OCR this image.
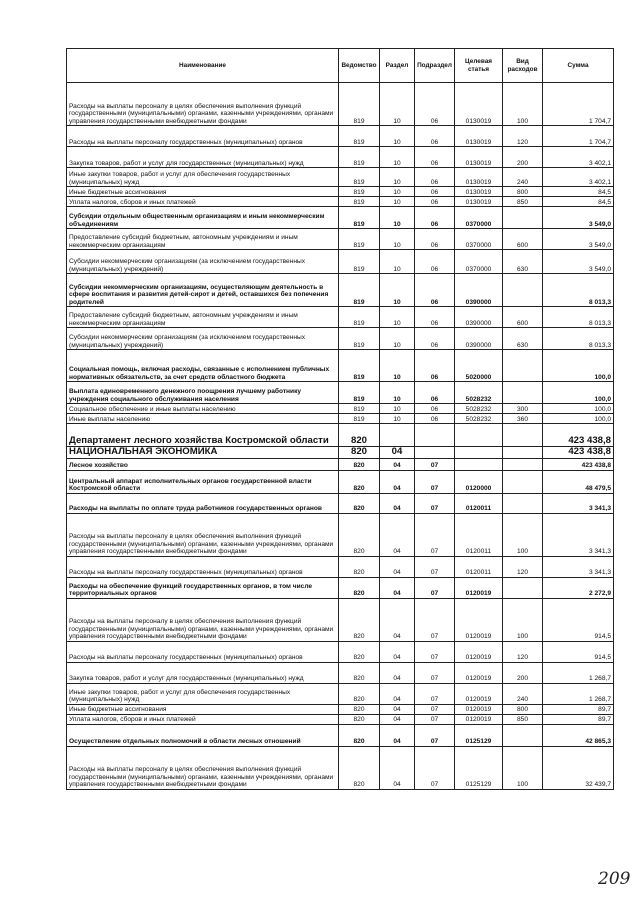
Наименование	Ведомство	Раздел	Подраздел	Целевая статья	Вид расходов	Сумма
Расходы на выплаты персоналу в целях обеспечения выполнения функций государственными (муниципальными) органами, казенными учреждениями, органами управления государственными внебюджетными фондами	819	10	06	0130019	100	1 704,7
Расходы на выплаты персоналу государственных (муниципальных) органов	819	10	06	0130019	120	1 704,7
Закупка товаров, работ и услуг для государственных (муниципальных) нужд	819	10	06	0130019	200	3 402,1
Иные закупки товаров, работ и услуг для обеспечения государственных (муниципальных) нужд	819	10	06	0130019	240	3 402,1
Иные бюджетные ассигнования	819	10	06	0130019	800	84,5
Уплата налогов, сборов и иных платежей	819	10	06	0130019	850	84,5
Субсидии отдельным общественным организациям и иным некоммерческим объединениям	819	10	06	0370000		3 549,0
Предоставление субсидий бюджетным, автономным учреждениям и иным некоммерческим организациям	819	10	06	0370000	600	3 549,0
Субсидии некоммерческим организациям (за исключением государственных (муниципальных) учреждений)	819	10	06	0370000	630	3 549,0
Субсидии некоммерческим организациям, осуществляющим деятельность в сфере воспитания и развития детей-сирот и детей, оставшихся без попечения родителей	819	10	06	0390000		8 013,3
Предоставление субсидий бюджетным, автономным учреждениям и иным некоммерческим организациям	819	10	06	0390000	600	8 013,3
Субсидии некоммерческим организациям (за исключением государственных (муниципальных) учреждений)	819	10	06	0390000	630	8 013,3
Социальная помощь, включая расходы, связанные с исполнением публичных нормативных обязательств, за счет средств областного бюджета	819	10	06	5020000		100,0
Выплата единовременного денежного поощрения лучшему работнику учреждения социального обслуживания населения	819	10	06	5028232		100,0
Социальное обеспечение и иные выплаты населению	819	10	06	5028232	300	100,0
Иные выплаты населению	819	10	06	5028232	360	100,0
Департамент лесного хозяйства Костромской области	820					423 438,8
НАЦИОНАЛЬНАЯ ЭКОНОМИКА	820	04				423 438,8
Лесное хозяйство	820	04	07			423 438,8
Центральный аппарат исполнительных органов государственной власти Костромской области	820	04	07	0120000		48 479,5
Расходы на выплаты по оплате труда работников государственных органов	820	04	07	0120011		3 341,3
Расходы на выплаты персоналу в целях обеспечения выполнения функций государственными (муниципальными) органами, казенными учреждениями, органами управления государственными внебюджетными фондами	820	04	07	0120011	100	3 341,3
Расходы на выплаты персоналу государственных (муниципальных) органов	820	04	07	0120011	120	3 341,3
Расходы на обеспечение функций государственных органов, в том числе территориальных органов	820	04	07	0120019		2 272,9
Расходы на выплаты персоналу в целях обеспечения выполнения функций государственными (муниципальными) органами, казенными учреждениями, органами управления государственными внебюджетными фондами	820	04	07	0120019	100	914,5
Расходы на выплаты персоналу государственных (муниципальных) органов	820	04	07	0120019	120	914,5
Закупка товаров, работ и услуг для государственных (муниципальных) нужд	820	04	07	0120019	200	1 268,7
Иные закупки товаров, работ и услуг для обеспечения государственных (муниципальных) нужд	820	04	07	0120019	240	1 268,7
Иные бюджетные ассигнования	820	04	07	0120019	800	89,7
Уплата налогов, сборов и иных платежей	820	04	07	0120019	850	89,7
Осуществление отдельных полномочий в области лесных отношений	820	04	07	0125129		42 865,3
Расходы на выплаты персоналу в целях обеспечения выполнения функций государственными (муниципальными) органами, казенными учреждениями, органами управления государственными внебюджетными фондами	820	04	07	0125129	100	32 439,7
209
